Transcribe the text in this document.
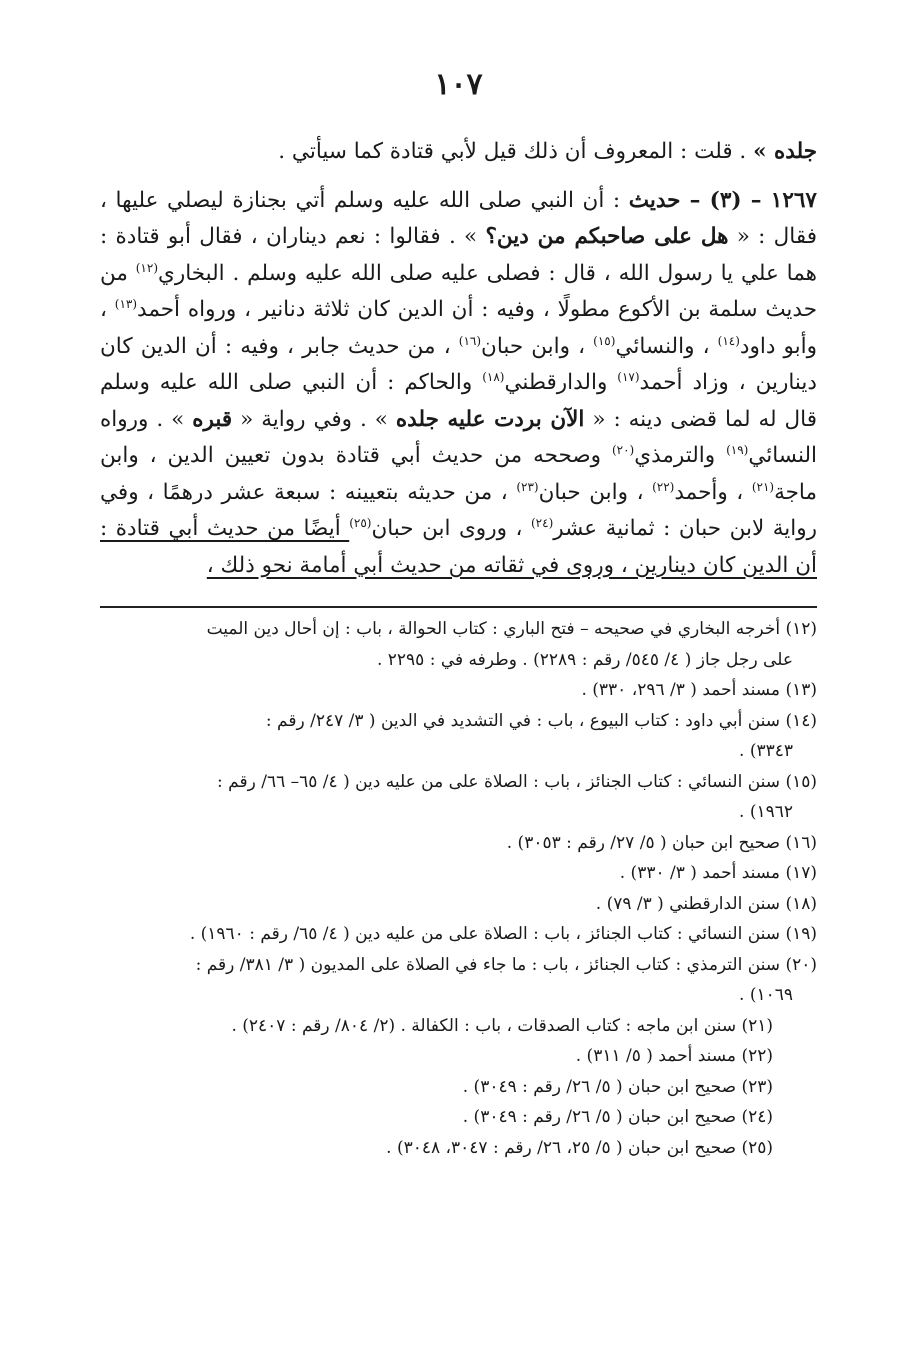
١٠٧

جلده » . قلت : المعروف أن ذلك قيل لأبي قتادة كما سيأتي .

١٢٦٧ – (٣) – حديث : أن النبي صلى الله عليه وسلم أتي بجنازة ليصلي عليها ، فقال : « هل على صاحبكم من دين؟ » . فقالوا : نعم ديناران ، فقال أبو قتادة : هما علي يا رسول الله ، قال : فصلى عليه صلى الله عليه وسلم . البخاري$^{(١٢)}$ من حديث سلمة بن الأكوع مطولًا ، وفيه : أن الدين كان ثلاثة دنانير ، ورواه أحمد$^{(١٣)}$ ، وأبو داود$^{(١٤)}$ ، والنسائي$^{(١٥)}$ ، وابن حبان$^{(١٦)}$ ، من حديث جابر ، وفيه : أن الدين كان دينارين ، وزاد أحمد$^{(١٧)}$ والدارقطني$^{(١٨)}$ والحاكم : أن النبي صلى الله عليه وسلم قال له لما قضى دينه : « الآن بردت عليه جلده » . وفي رواية « قبره » . ورواه النسائي$^{(١٩)}$ والترمذي$^{(٢٠)}$ وصححه من حديث أبي قتادة بدون تعيين الدين ، وابن ماجة$^{(٢١)}$ ، وأحمد$^{(٢٢)}$ ، وابن حبان$^{(٢٣)}$ ، من حديثه بتعيينه : سبعة عشر درهمًا ، وفي رواية لابن حبان : ثمانية عشر$^{(٢٤)}$ ، وروى ابن حبان$^{(٢٥)}$ أيضًا من حديث أبي قتادة : أن الدين كان دينارين ، وروى في ثقاته من حديث أبي أمامة نحو ذلك ،

(١٢) أخرجه البخاري في صحيحه – فتح الباري : كتاب الحوالة ، باب : إن أحال دين الميت
على رجل جاز ( ٤/ ٥٤٥/ رقم : ٢٢٨٩) . وطرفه في : ٢٢٩٥ .
(١٣) مسند أحمد ( ٣/ ٢٩٦، ٣٣٠) .
(١٤) سنن أبي داود : كتاب البيوع ، باب : في التشديد في الدين ( ٣/ ٢٤٧/ رقم :
٣٣٤٣) .
(١٥) سنن النسائي : كتاب الجنائز ، باب : الصلاة على من عليه دين ( ٤/ ٦٥– ٦٦/ رقم :
١٩٦٢) .
(١٦) صحيح ابن حبان ( ٥/ ٢٧/ رقم : ٣٠٥٣) .
(١٧) مسند أحمد ( ٣/ ٣٣٠) .
(١٨) سنن الدارقطني ( ٣/ ٧٩) .
(١٩) سنن النسائي : كتاب الجنائز ، باب : الصلاة على من عليه دين ( ٤/ ٦٥/ رقم : ١٩٦٠) .
(٢٠) سنن الترمذي : كتاب الجنائز ، باب : ما جاء في الصلاة على المديون ( ٣/ ٣٨١/ رقم :
١٠٦٩) .
(٢١) سنن ابن ماجه : كتاب الصدقات ، باب : الكفالة . (٢/ ٨٠٤/ رقم : ٢٤٠٧) .
(٢٢) مسند أحمد ( ٥/ ٣١١) .
(٢٣) صحيح ابن حبان ( ٥/ ٢٦/ رقم : ٣٠٤٩) .
(٢٤) صحيح ابن حبان ( ٥/ ٢٦/ رقم : ٣٠٤٩) .
(٢٥) صحيح ابن حبان ( ٥/ ٢٥، ٢٦/ رقم : ٣٠٤٧، ٣٠٤٨) .
